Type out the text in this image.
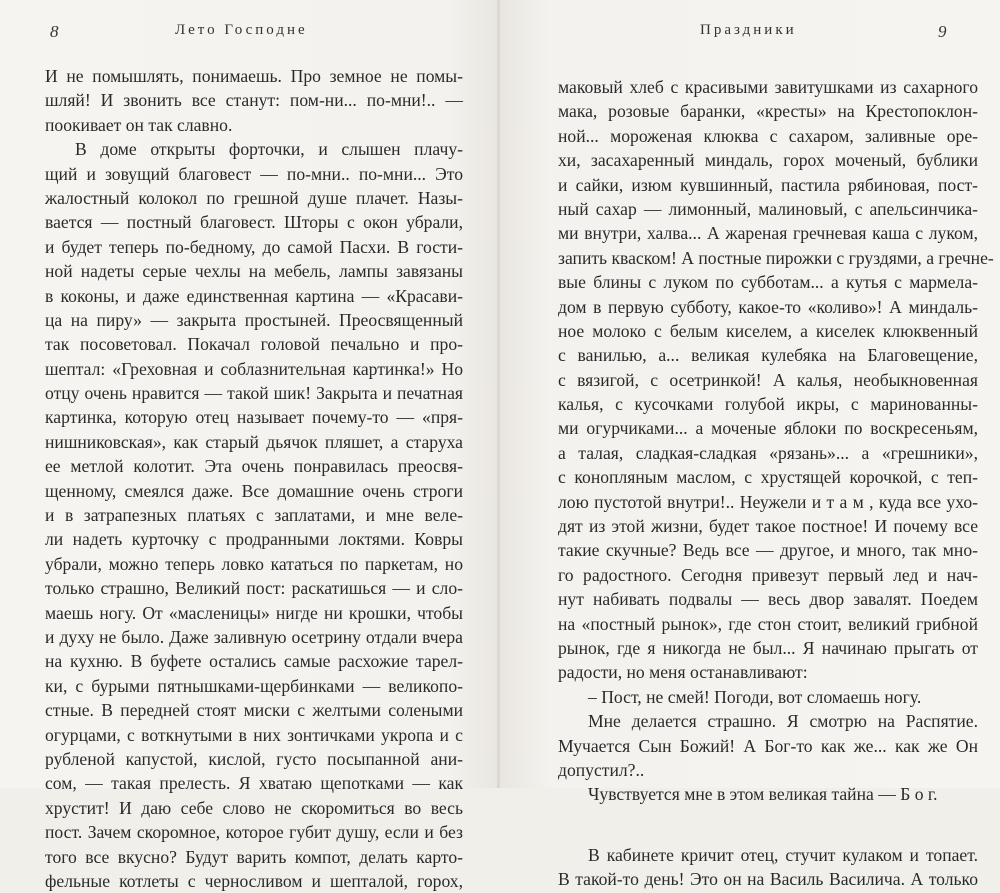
8	Лето Господне
И не помышлять, понимаешь. Про земное не помы-
шляй! И звонить все станут: пом-ни... по-мни!.. —
поокивает он так славно.
В доме открыты форточки, и слышен плачу-
щий и зовущий благовест — по-мни.. по-мни... Это
жалостный колокол по грешной душе плачет. Назы-
вается — постный благовест. Шторы с окон убрали,
и будет теперь по-бедному, до самой Пасхи. В гости-
ной надеты серые чехлы на мебель, лампы завязаны
в коконы, и даже единственная картина — «Красави-
ца на пиру» — закрыта простыней. Преосвященный
так посоветовал. Покачал головой печально и про-
шептал: «Греховная и соблазнительная картинка!» Но
отцу очень нравится — такой шик! Закрыта и печатная
картинка, которую отец называет почему-то — «пря-
нишниковская», как старый дьячок пляшет, а старуха
ее метлой колотит. Эта очень понравилась преосвя-
щенному, смеялся даже. Все домашние очень строги
и в затрапезных платьях с заплатами, и мне веле-
ли надеть курточку с продранными локтями. Ковры
убрали, можно теперь ловко кататься по паркетам, но
только страшно, Великий пост: раскатишься — и сло-
маешь ногу. От «масленицы» нигде ни крошки, чтобы
и духу не было. Даже заливную осетрину отдали вчера
на кухню. В буфете остались самые расхожие тарел-
ки, с бурыми пятнышками-щербинками — великопо-
стные. В передней стоят миски с желтыми солеными
огурцами, с воткнутыми в них зонтичками укропа и с
рубленой капустой, кислой, густо посыпанной ани-
сом, — такая прелесть. Я хватаю щепотками — как
хрустит! И даю себе слово не скоромиться во весь
пост. Зачем скоромное, которое губит душу, если и без
того все вкусно? Будут варить компот, делать карто-
фельные котлеты с черносливом и шепталой, горох,
Праздники	9
маковый хлеб с красивыми завитушками из сахарного
мака, розовые баранки, «кресты» на Крестопоклон-
ной... мороженая клюква с сахаром, заливные оре-
хи, засахаренный миндаль, горох моченый, бублики
и сайки, изюм кувшинный, пастила рябиновая, пост-
ный сахар — лимонный, малиновый, с апельсинчика-
ми внутри, халва... А жареная гречневая каша с луком,
запить кваском! А постные пирожки с груздями, а гречне-
вые блины с луком по субботам... а кутья с мармела-
дом в первую субботу, какое-то «коливо»! А миндаль-
ное молоко с белым киселем, а киселек клюквенный
с ванилью, а... великая кулебяка на Благовещение,
с вязигой, с осетринкой! А калья, необыкновенная
калья, с кусочками голубой икры, с маринованны-
ми огурчиками... а моченые яблоки по воскресеньям,
а талая, сладкая-сладкая «рязань»... а «грешники»,
с конопляным маслом, с хрустящей корочкой, с теп-
лою пустотой внутри!.. Неужели и т а м , куда все ухо-
дят из этой жизни, будет такое постное! И почему все
такие скучные? Ведь все — другое, и много, так мно-
го радостного. Сегодня привезут первый лед и нач-
нут набивать подвалы — весь двор завалят. Поедем
на «постный рынок», где стон стоит, великий грибной
рынок, где я никогда не был... Я начинаю прыгать от
радости, но меня останавливают:
– Пост, не смей! Погоди, вот сломаешь ногу.
Мне делается страшно. Я смотрю на Распятие.
Мучается Сын Божий! А Бог-то как же... как же Он
допустил?..
Чувствуется мне в этом великая тайна — Б о г.
В кабинете кричит отец, стучит кулаком и топает.
В такой-то день! Это он на Василь Василича. А только
